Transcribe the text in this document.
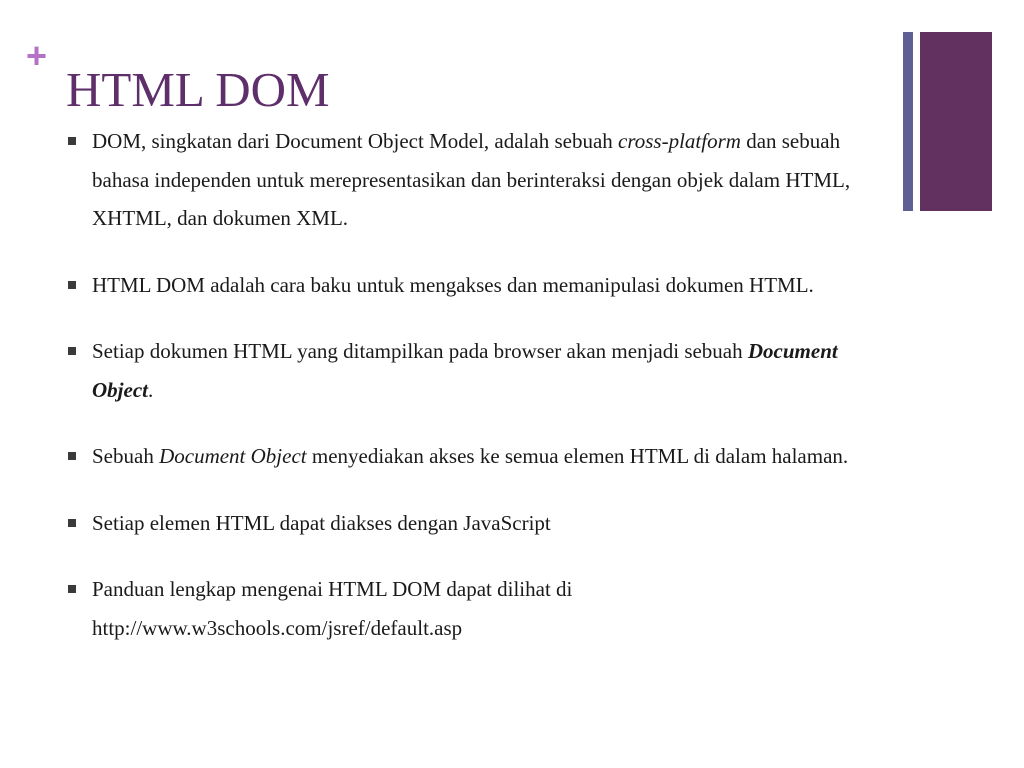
+
HTML DOM
DOM, singkatan dari Document Object Model, adalah sebuah cross-platform dan sebuah bahasa independen untuk merepresentasikan dan berinteraksi dengan objek dalam HTML, XHTML, dan dokumen XML.
HTML DOM adalah cara baku untuk mengakses dan memanipulasi dokumen HTML.
Setiap dokumen HTML yang ditampilkan pada browser akan menjadi sebuah Document Object.
Sebuah Document Object menyediakan akses ke semua elemen HTML di dalam halaman.
Setiap elemen HTML dapat diakses dengan JavaScript
Panduan lengkap mengenai HTML DOM dapat dilihat di http://www.w3schools.com/jsref/default.asp
